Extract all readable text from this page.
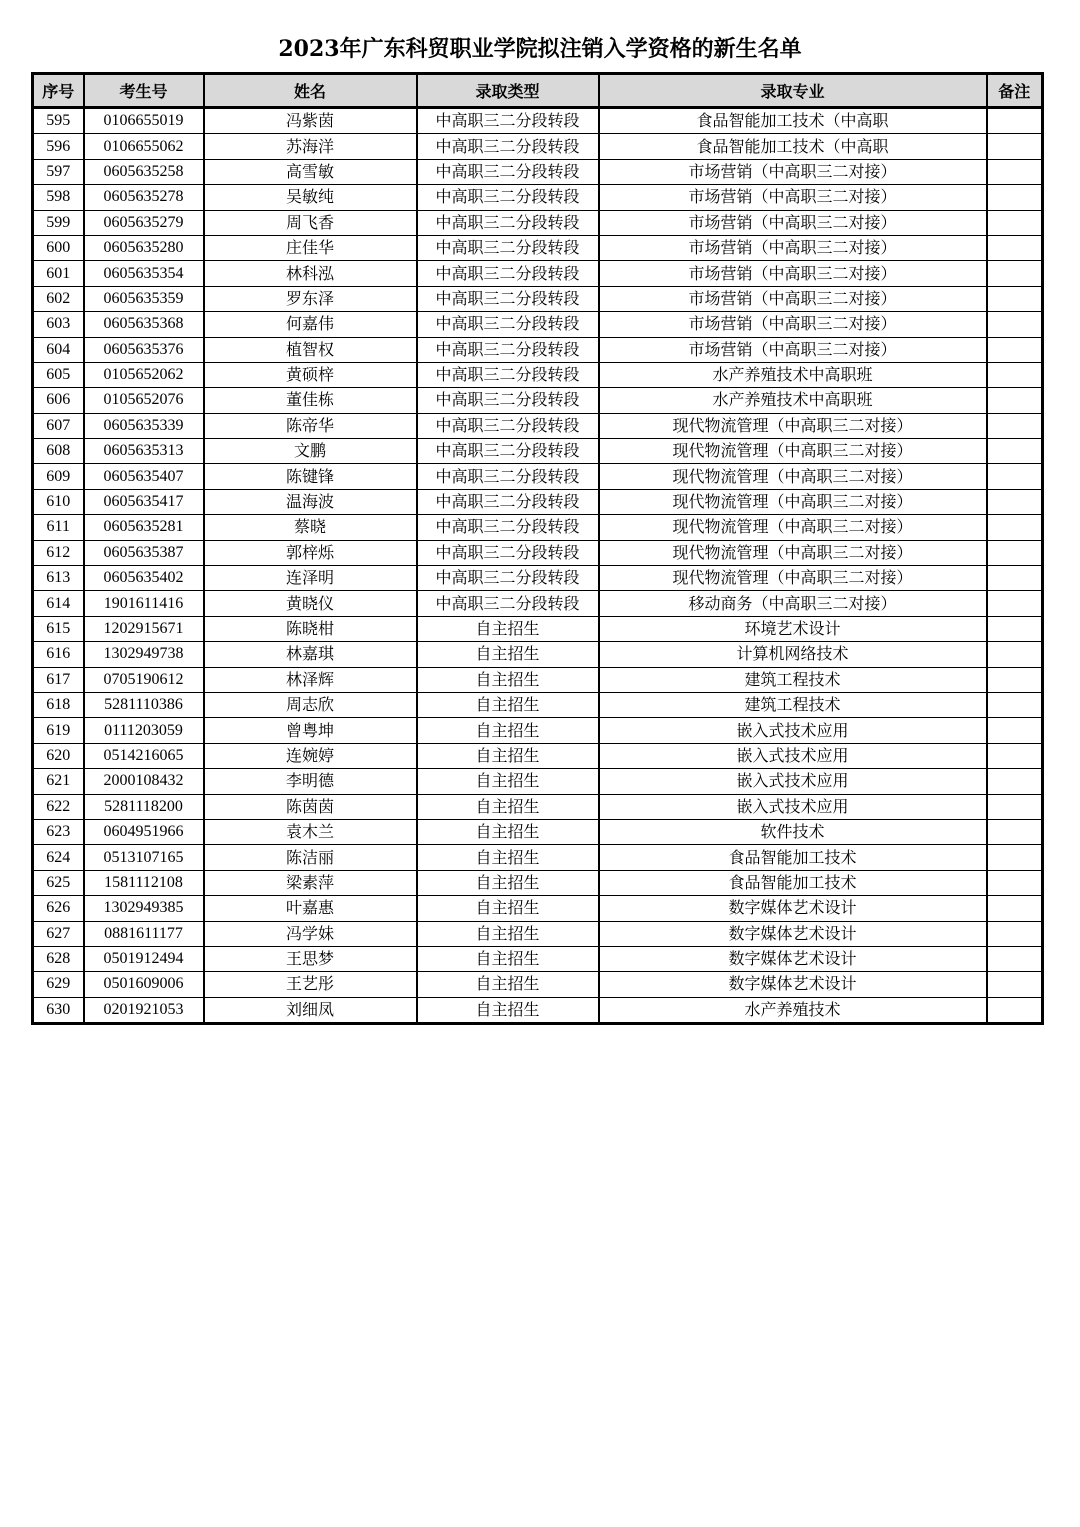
2023年广东科贸职业学院拟注销入学资格的新生名单
序号	考生号	姓名	录取类型	录取专业	备注
595	0106655019	冯紫茵	中高职三二分段转段	食品智能加工技术（中高职	
596	0106655062	苏海洋	中高职三二分段转段	食品智能加工技术（中高职	
597	0605635258	高雪敏	中高职三二分段转段	市场营销（中高职三二对接）	
598	0605635278	吴敏纯	中高职三二分段转段	市场营销（中高职三二对接）	
599	0605635279	周飞香	中高职三二分段转段	市场营销（中高职三二对接）	
600	0605635280	庄佳华	中高职三二分段转段	市场营销（中高职三二对接）	
601	0605635354	林科泓	中高职三二分段转段	市场营销（中高职三二对接）	
602	0605635359	罗东泽	中高职三二分段转段	市场营销（中高职三二对接）	
603	0605635368	何嘉伟	中高职三二分段转段	市场营销（中高职三二对接）	
604	0605635376	植智权	中高职三二分段转段	市场营销（中高职三二对接）	
605	0105652062	黄硕梓	中高职三二分段转段	水产养殖技术中高职班	
606	0105652076	董佳栋	中高职三二分段转段	水产养殖技术中高职班	
607	0605635339	陈帝华	中高职三二分段转段	现代物流管理（中高职三二对接）	
608	0605635313	文鹏	中高职三二分段转段	现代物流管理（中高职三二对接）	
609	0605635407	陈键锋	中高职三二分段转段	现代物流管理（中高职三二对接）	
610	0605635417	温海波	中高职三二分段转段	现代物流管理（中高职三二对接）	
611	0605635281	蔡晓	中高职三二分段转段	现代物流管理（中高职三二对接）	
612	0605635387	郭梓烁	中高职三二分段转段	现代物流管理（中高职三二对接）	
613	0605635402	连泽明	中高职三二分段转段	现代物流管理（中高职三二对接）	
614	1901611416	黄晓仪	中高职三二分段转段	移动商务（中高职三二对接）	
615	1202915671	陈晓柑	自主招生	环境艺术设计	
616	1302949738	林嘉琪	自主招生	计算机网络技术	
617	0705190612	林泽辉	自主招生	建筑工程技术	
618	5281110386	周志欣	自主招生	建筑工程技术	
619	0111203059	曾粤坤	自主招生	嵌入式技术应用	
620	0514216065	连婉婷	自主招生	嵌入式技术应用	
621	2000108432	李明德	自主招生	嵌入式技术应用	
622	5281118200	陈茵茵	自主招生	嵌入式技术应用	
623	0604951966	袁木兰	自主招生	软件技术	
624	0513107165	陈洁丽	自主招生	食品智能加工技术	
625	1581112108	梁素萍	自主招生	食品智能加工技术	
626	1302949385	叶嘉惠	自主招生	数字媒体艺术设计	
627	0881611177	冯学妹	自主招生	数字媒体艺术设计	
628	0501912494	王思梦	自主招生	数字媒体艺术设计	
629	0501609006	王艺彤	自主招生	数字媒体艺术设计	
630	0201921053	刘细凤	自主招生	水产养殖技术	
